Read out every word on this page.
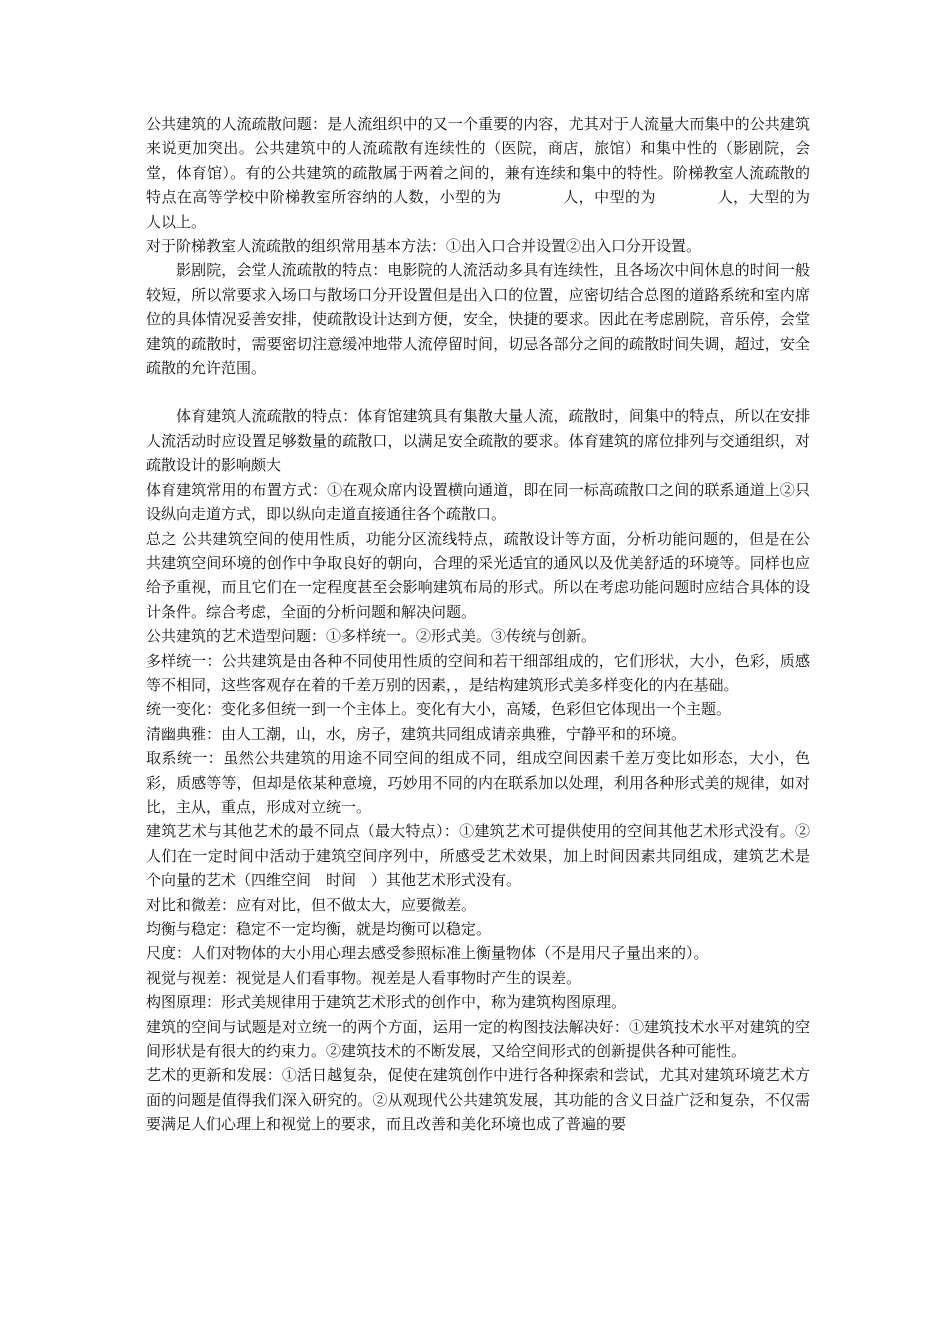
公共建筑的人流疏散问题：是人流组织中的又一个重要的内容，尤其对于人流量大而集中的公共建筑来说更加突出。公共建筑中的人流疏散有连续性的（医院，商店，旅馆）和集中性的（影剧院，会堂，体育馆）。有的公共建筑的疏散属于两着之间的，兼有连续和集中的特性。阶梯教室人流疏散的特点在高等学校中阶梯教室所容纳的人数，小型的为　　　　人，中型的为　　　　人，大型的为　　人以上。

对于阶梯教室人流疏散的组织常用基本方法：①出入口合并设置②出入口分开设置。

影剧院，会堂人流疏散的特点：电影院的人流活动多具有连续性，且各场次中间休息的时间一般较短，所以常要求入场口与散场口分开设置但是出入口的位置，应密切结合总图的道路系统和室内席位的具体情况妥善安排，使疏散设计达到方便，安全，快捷的要求。因此在考虑剧院，音乐停，会堂建筑的疏散时，需要密切注意缓冲地带人流停留时间，切忌各部分之间的疏散时间失调，超过，安全疏散的允许范围。

体育建筑人流疏散的特点：体育馆建筑具有集散大量人流，疏散时，间集中的特点，所以在安排人流活动时应设置足够数量的疏散口，以满足安全疏散的要求。体育建筑的席位排列与交通组织，对疏散设计的影响颇大

体育建筑常用的布置方式：①在观众席内设置横向通道，即在同一标高疏散口之间的联系通道上②只设纵向走道方式，即以纵向走道直接通往各个疏散口。

总之 公共建筑空间的使用性质，功能分区流线特点，疏散设计等方面，分析功能问题的，但是在公共建筑空间环境的创作中争取良好的朝向，合理的采光适宜的通风以及优美舒适的环境等。同样也应给予重视，而且它们在一定程度甚至会影响建筑布局的形式。所以在考虑功能问题时应结合具体的设计条件。综合考虑，全面的分析问题和解决问题。

公共建筑的艺术造型问题：①多样统一。②形式美。③传统与创新。

多样统一：公共建筑是由各种不同使用性质的空间和若干细部组成的，它们形状，大小，色彩，质感等不相同，这些客观存在着的千差万别的因素，，是结构建筑形式美多样变化的内在基础。

统一变化：变化多但统一到一个主体上。变化有大小，高矮，色彩但它体现出一个主题。

清幽典雅：由人工潮，山，水，房子，建筑共同组成请亲典雅，宁静平和的环境。

取系统一：虽然公共建筑的用途不同空间的组成不同，组成空间因素千差万变比如形态，大小，色彩，质感等等，但却是依某种意境，巧妙用不同的内在联系加以处理，利用各种形式美的规律，如对比，主从，重点，形成对立统一。

建筑艺术与其他艺术的最不同点（最大特点）：①建筑艺术可提供使用的空间其他艺术形式没有。②人们在一定时间中活动于建筑空间序列中，所感受艺术效果，加上时间因素共同组成，建筑艺术是　个向量的艺术（四维空间　时间　）其他艺术形式没有。

对比和微差：应有对比，但不做太大，应要微差。

均衡与稳定：稳定不一定均衡，就是均衡可以稳定。

尺度：人们对物体的大小用心理去感受参照标准上衡量物体（不是用尺子量出来的）。

视觉与视差：视觉是人们看事物。视差是人看事物时产生的误差。

构图原理：形式美规律用于建筑艺术形式的创作中，称为建筑构图原理。

建筑的空间与试题是对立统一的两个方面，运用一定的构图技法解决好：①建筑技术水平对建筑的空间形状是有很大的约束力。②建筑技术的不断发展，又给空间形式的创新提供各种可能性。

艺术的更新和发展：①活日越复杂，促使在建筑创作中进行各种探索和尝试，尤其对建筑环境艺术方面的问题是值得我们深入研究的。②从观现代公共建筑发展，其功能的含义日益广泛和复杂，不仅需要满足人们心理上和视觉上的要求，而且改善和美化环境也成了普遍的要
